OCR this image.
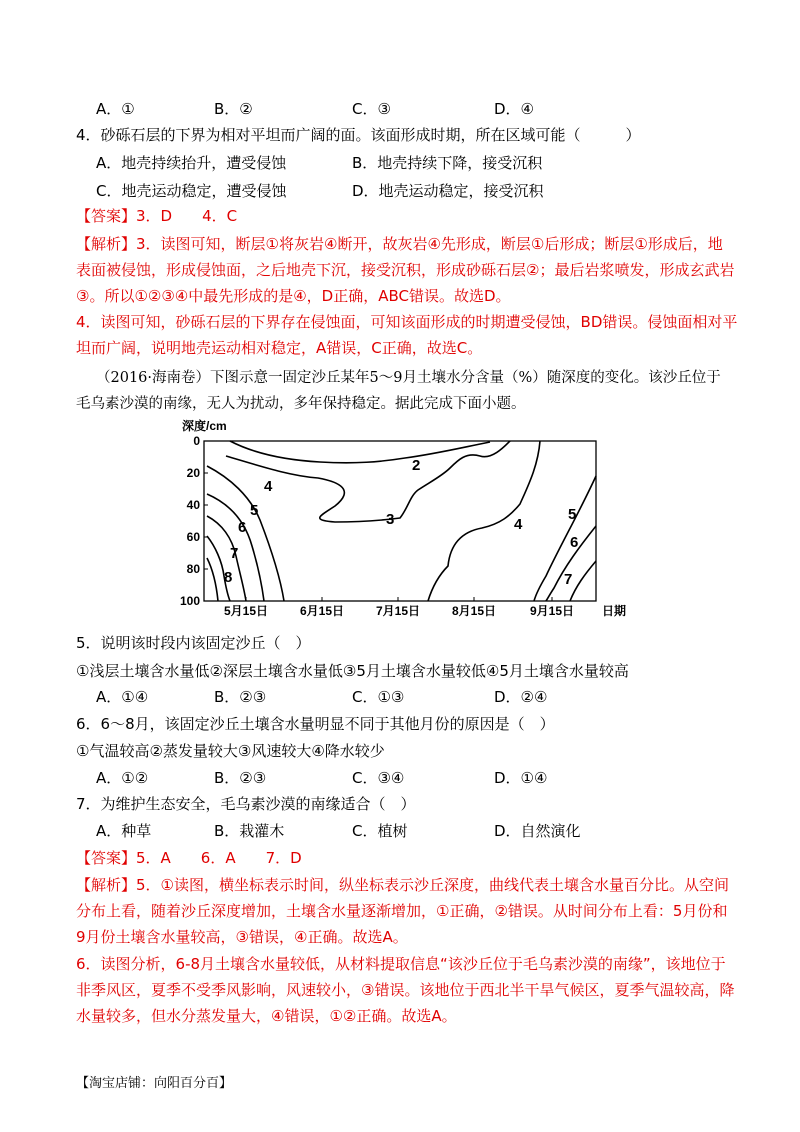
A．①	B．②	C．③	D．④
4．砂砾石层的下界为相对平坦而广阔的面。该面形成时期，所在区域可能（　　　）
A．地壳持续抬升，遭受侵蚀	B．地壳持续下降，接受沉积
C．地壳运动稳定，遭受侵蚀	D．地壳运动稳定，接受沉积
【答案】3．D　　4．C
【解析】3．读图可知，断层①将灰岩④断开，故灰岩④先形成，断层①后形成；断层①形成后，地
表面被侵蚀，形成侵蚀面，之后地壳下沉，接受沉积，形成砂砾石层②；最后岩浆喷发，形成玄武岩
③。所以①②③④中最先形成的是④，D正确，ABC错误。故选D。
4．读图可知，砂砾石层的下界存在侵蚀面，可知该面形成的时期遭受侵蚀，BD错误。侵蚀面相对平
坦而广阔，说明地壳运动相对稳定，A错误，C正确，故选C。
（2016·海南卷）下图示意一固定沙丘某年5～9月土壤水分含量（%）随深度的变化。该沙丘位于
毛乌素沙漠的南缘，无人为扰动，多年保持稳定。据此完成下面小题。
深度/cm
0
20
40
60
80
100
5月15日	6月15日	7月15日	8月15日	9月15日 日期
2
3
4
4
5	5
6
6
7
7
8
5．说明该时段内该固定沙丘（　）
①浅层土壤含水量低②深层土壤含水量低③5月土壤含水量较低④5月土壤含水量较高
A．①④	B．②③	C．①③	D．②④
6．6～8月，该固定沙丘土壤含水量明显不同于其他月份的原因是（　）
①气温较高②蒸发量较大③风速较大④降水较少
A．①②	B．②③	C．③④	D．①④
7．为维护生态安全，毛乌素沙漠的南缘适合（　）
A．种草	B．栽灌木	C．植树	D．自然演化
【答案】5．A　　6．A　　7．D
【解析】5．①读图，横坐标表示时间，纵坐标表示沙丘深度，曲线代表土壤含水量百分比。从空间
分布上看，随着沙丘深度增加，土壤含水量逐渐增加，①正确，②错误。从时间分布上看：5月份和
9月份土壤含水量较高，③错误，④正确。故选A。
6．读图分析，6-8月土壤含水量较低，从材料提取信息“该沙丘位于毛乌素沙漠的南缘”，该地位于
非季风区，夏季不受季风影响，风速较小，③错误。该地位于西北半干旱气候区，夏季气温较高，降
水量较多，但水分蒸发量大，④错误，①②正确。故选A。
【淘宝店铺：向阳百分百】
